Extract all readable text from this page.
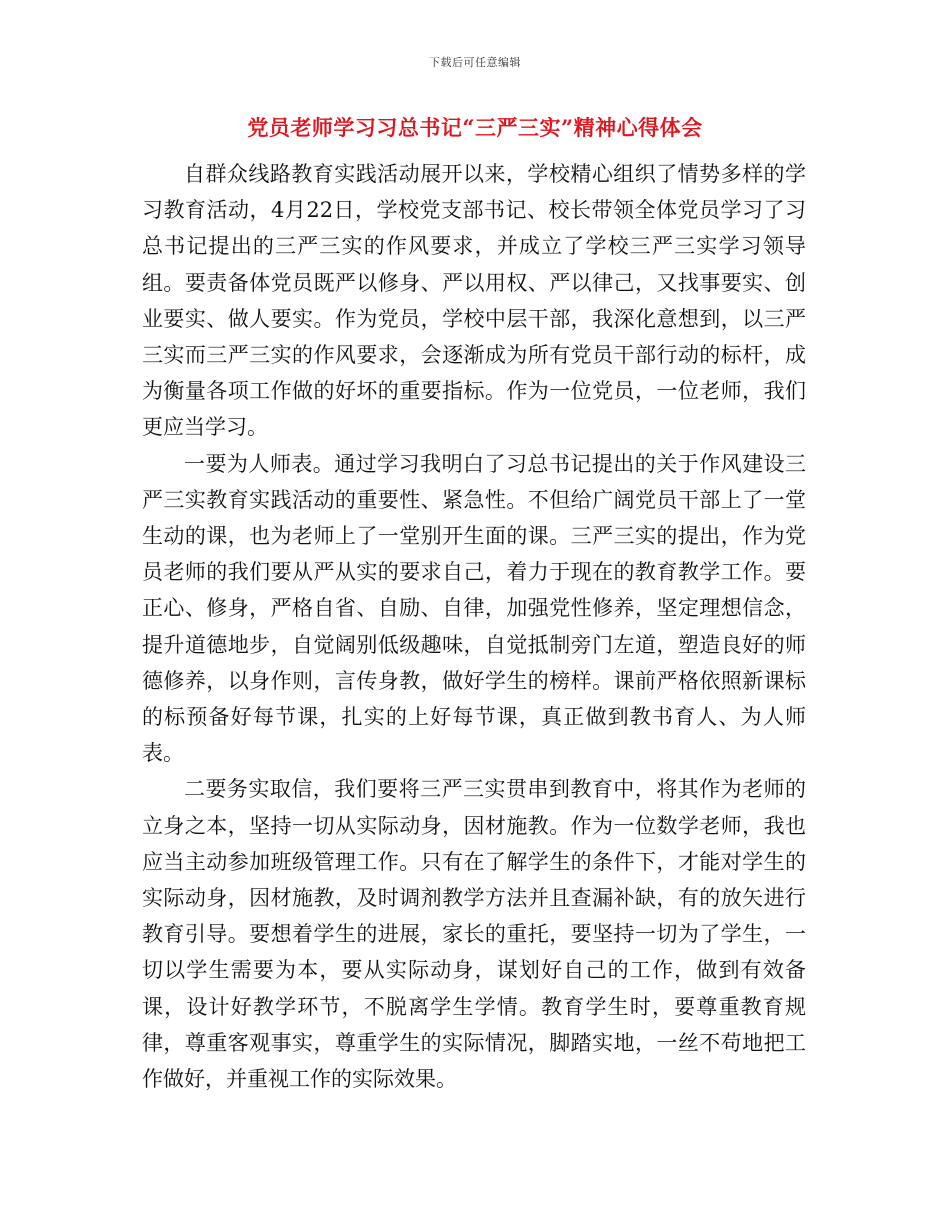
下载后可任意编辑
党员老师学习习总书记“三严三实”精神心得体会

自群众线路教育实践活动展开以来，学校精心组织了情势多样的学习教育活动，4月22日，学校党支部书记、校长带领全体党员学习了习总书记提出的三严三实的作风要求，并成立了学校三严三实学习领导组。要责备体党员既严以修身、严以用权、严以律己，又找事要实、创业要实、做人要实。作为党员，学校中层干部，我深化意想到，以三严三实而三严三实的作风要求，会逐渐成为所有党员干部行动的标杆，成为衡量各项工作做的好坏的重要指标。作为一位党员，一位老师，我们更应当学习。

一要为人师表。通过学习我明白了习总书记提出的关于作风建设三严三实教育实践活动的重要性、紧急性。不但给广阔党员干部上了一堂生动的课，也为老师上了一堂别开生面的课。三严三实的提出，作为党员老师的我们要从严从实的要求自己，着力于现在的教育教学工作。要正心、修身，严格自省、自励、自律，加强党性修养，坚定理想信念，提升道德地步，自觉阔别低级趣味，自觉抵制旁门左道，塑造良好的师德修养，以身作则，言传身教，做好学生的榜样。课前严格依照新课标的标预备好每节课，扎实的上好每节课，真正做到教书育人、为人师表。

二要务实取信，我们要将三严三实贯串到教育中，将其作为老师的立身之本，坚持一切从实际动身，因材施教。作为一位数学老师，我也应当主动参加班级管理工作。只有在了解学生的条件下，才能对学生的实际动身，因材施教，及时调剂教学方法并且查漏补缺，有的放矢进行教育引导。要想着学生的进展，家长的重托，要坚持一切为了学生，一切以学生需要为本，要从实际动身，谋划好自己的工作，做到有效备课，设计好教学环节，不脱离学生学情。教育学生时，要尊重教育规律，尊重客观事实，尊重学生的实际情况，脚踏实地，一丝不苟地把工作做好，并重视工作的实际效果。
